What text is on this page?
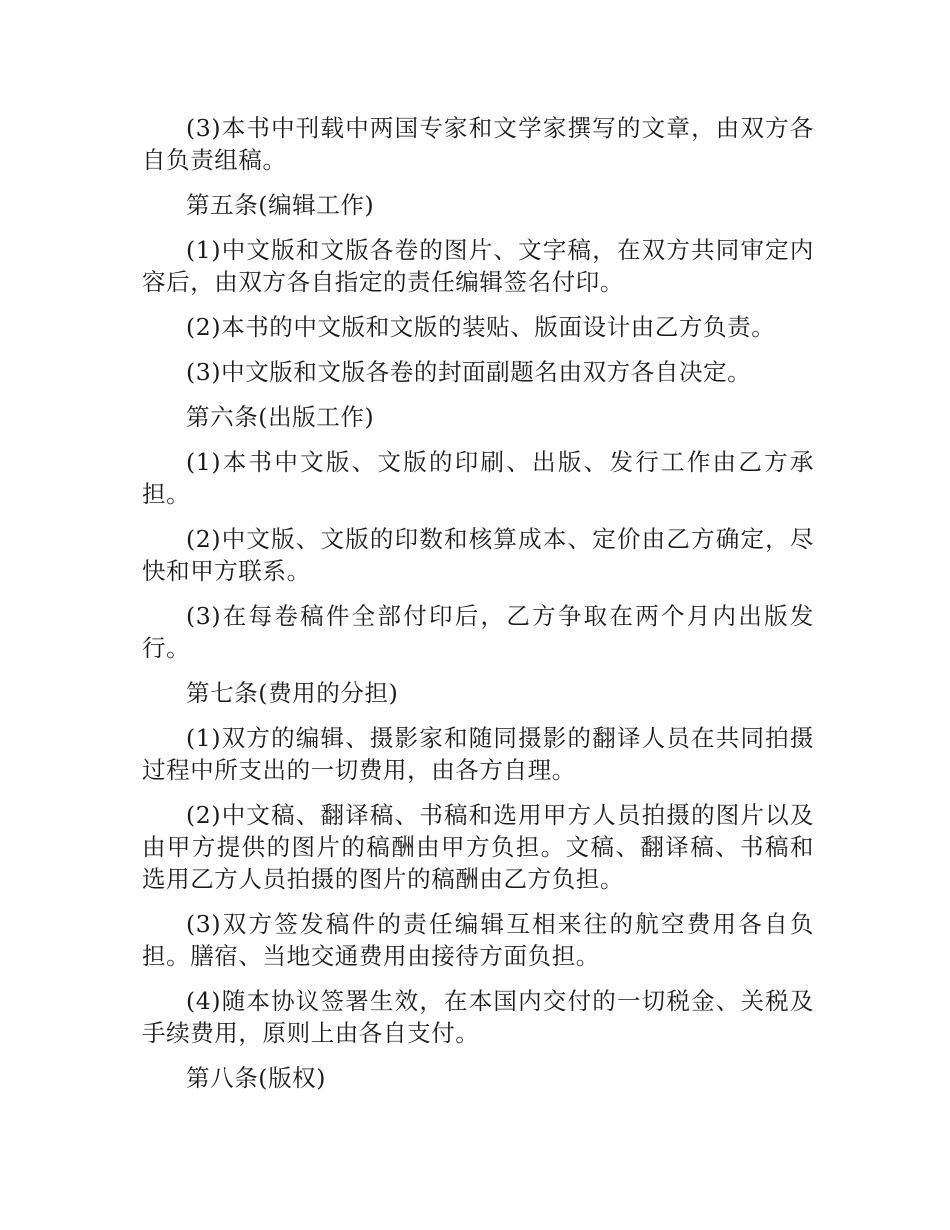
(3)本书中刊载中两国专家和文学家撰写的文章，由双方各自负责组稿。

第五条(编辑工作)

(1)中文版和文版各卷的图片、文字稿，在双方共同审定内容后，由双方各自指定的责任编辑签名付印。

(2)本书的中文版和文版的装贴、版面设计由乙方负责。

(3)中文版和文版各卷的封面副题名由双方各自决定。

第六条(出版工作)

(1)本书中文版、文版的印刷、出版、发行工作由乙方承担。

(2)中文版、文版的印数和核算成本、定价由乙方确定，尽快和甲方联系。

(3)在每卷稿件全部付印后，乙方争取在两个月内出版发行。

第七条(费用的分担)

(1)双方的编辑、摄影家和随同摄影的翻译人员在共同拍摄过程中所支出的一切费用，由各方自理。

(2)中文稿、翻译稿、书稿和选用甲方人员拍摄的图片以及由甲方提供的图片的稿酬由甲方负担。文稿、翻译稿、书稿和选用乙方人员拍摄的图片的稿酬由乙方负担。

(3)双方签发稿件的责任编辑互相来往的航空费用各自负担。膳宿、当地交通费用由接待方面负担。

(4)随本协议签署生效，在本国内交付的一切税金、关税及手续费用，原则上由各自支付。

第八条(版权)
